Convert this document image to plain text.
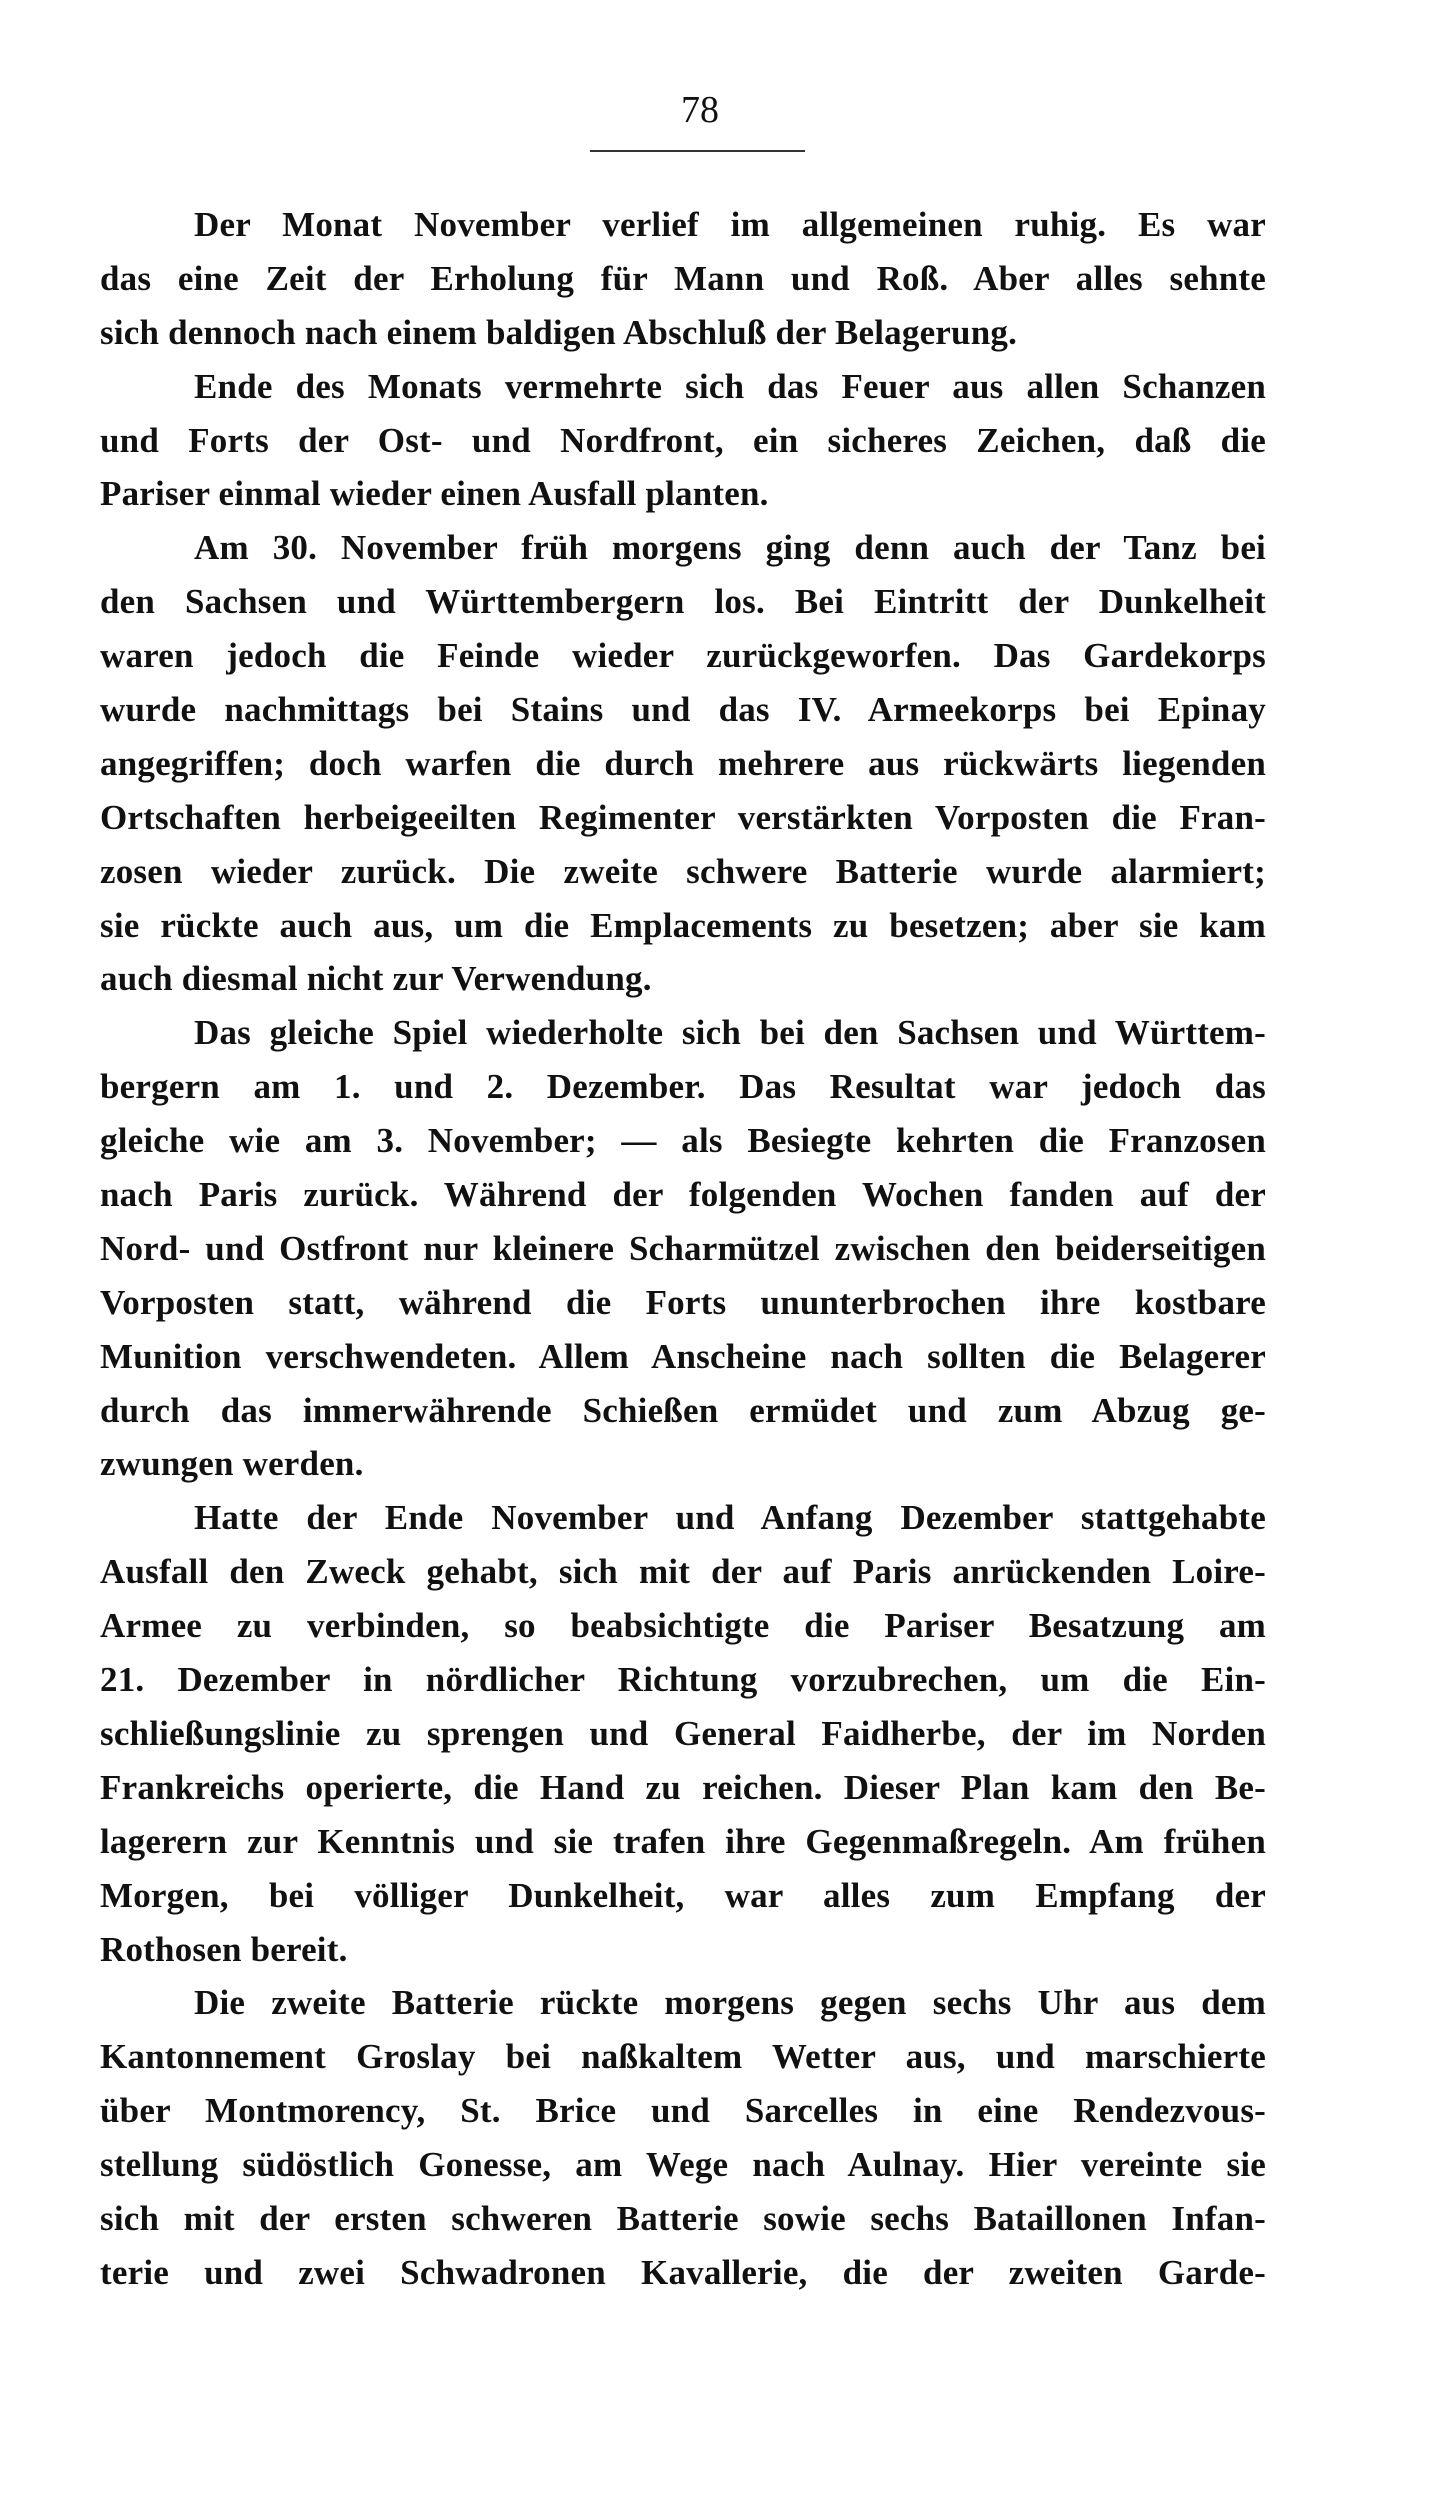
78
Der Monat November verlief im allgemeinen ruhig. Es war
das eine Zeit der Erholung für Mann und Roß. Aber alles sehnte
sich dennoch nach einem baldigen Abschluß der Belagerung.
Ende des Monats vermehrte sich das Feuer aus allen Schanzen
und Forts der Ost- und Nordfront, ein sicheres Zeichen, daß die
Pariser einmal wieder einen Ausfall planten.
Am 30. November früh morgens ging denn auch der Tanz bei
den Sachsen und Württembergern los. Bei Eintritt der Dunkelheit
waren jedoch die Feinde wieder zurückgeworfen. Das Gardekorps
wurde nachmittags bei Stains und das IV. Armeekorps bei Epinay
angegriffen; doch warfen die durch mehrere aus rückwärts liegenden
Ortschaften herbeigeeilten Regimenter verstärkten Vorposten die Fran-
zosen wieder zurück. Die zweite schwere Batterie wurde alarmiert;
sie rückte auch aus, um die Emplacements zu besetzen; aber sie kam
auch diesmal nicht zur Verwendung.
Das gleiche Spiel wiederholte sich bei den Sachsen und Württem-
bergern am 1. und 2. Dezember. Das Resultat war jedoch das
gleiche wie am 3. November; — als Besiegte kehrten die Franzosen
nach Paris zurück. Während der folgenden Wochen fanden auf der
Nord- und Ostfront nur kleinere Scharmützel zwischen den beiderseitigen
Vorposten statt, während die Forts ununterbrochen ihre kostbare
Munition verschwendeten. Allem Anscheine nach sollten die Belagerer
durch das immerwährende Schießen ermüdet und zum Abzug ge-
zwungen werden.
Hatte der Ende November und Anfang Dezember stattgehabte
Ausfall den Zweck gehabt, sich mit der auf Paris anrückenden Loire-
Armee zu verbinden, so beabsichtigte die Pariser Besatzung am
21. Dezember in nördlicher Richtung vorzubrechen, um die Ein-
schließungslinie zu sprengen und General Faidherbe, der im Norden
Frankreichs operierte, die Hand zu reichen. Dieser Plan kam den Be-
lagerern zur Kenntnis und sie trafen ihre Gegenmaßregeln. Am frühen
Morgen, bei völliger Dunkelheit, war alles zum Empfang der
Rothosen bereit.
Die zweite Batterie rückte morgens gegen sechs Uhr aus dem
Kantonnement Groslay bei naßkaltem Wetter aus, und marschierte
über Montmorency, St. Brice und Sarcelles in eine Rendezvous-
stellung südöstlich Gonesse, am Wege nach Aulnay. Hier vereinte sie
sich mit der ersten schweren Batterie sowie sechs Bataillonen Infan-
terie und zwei Schwadronen Kavallerie, die der zweiten Garde-
